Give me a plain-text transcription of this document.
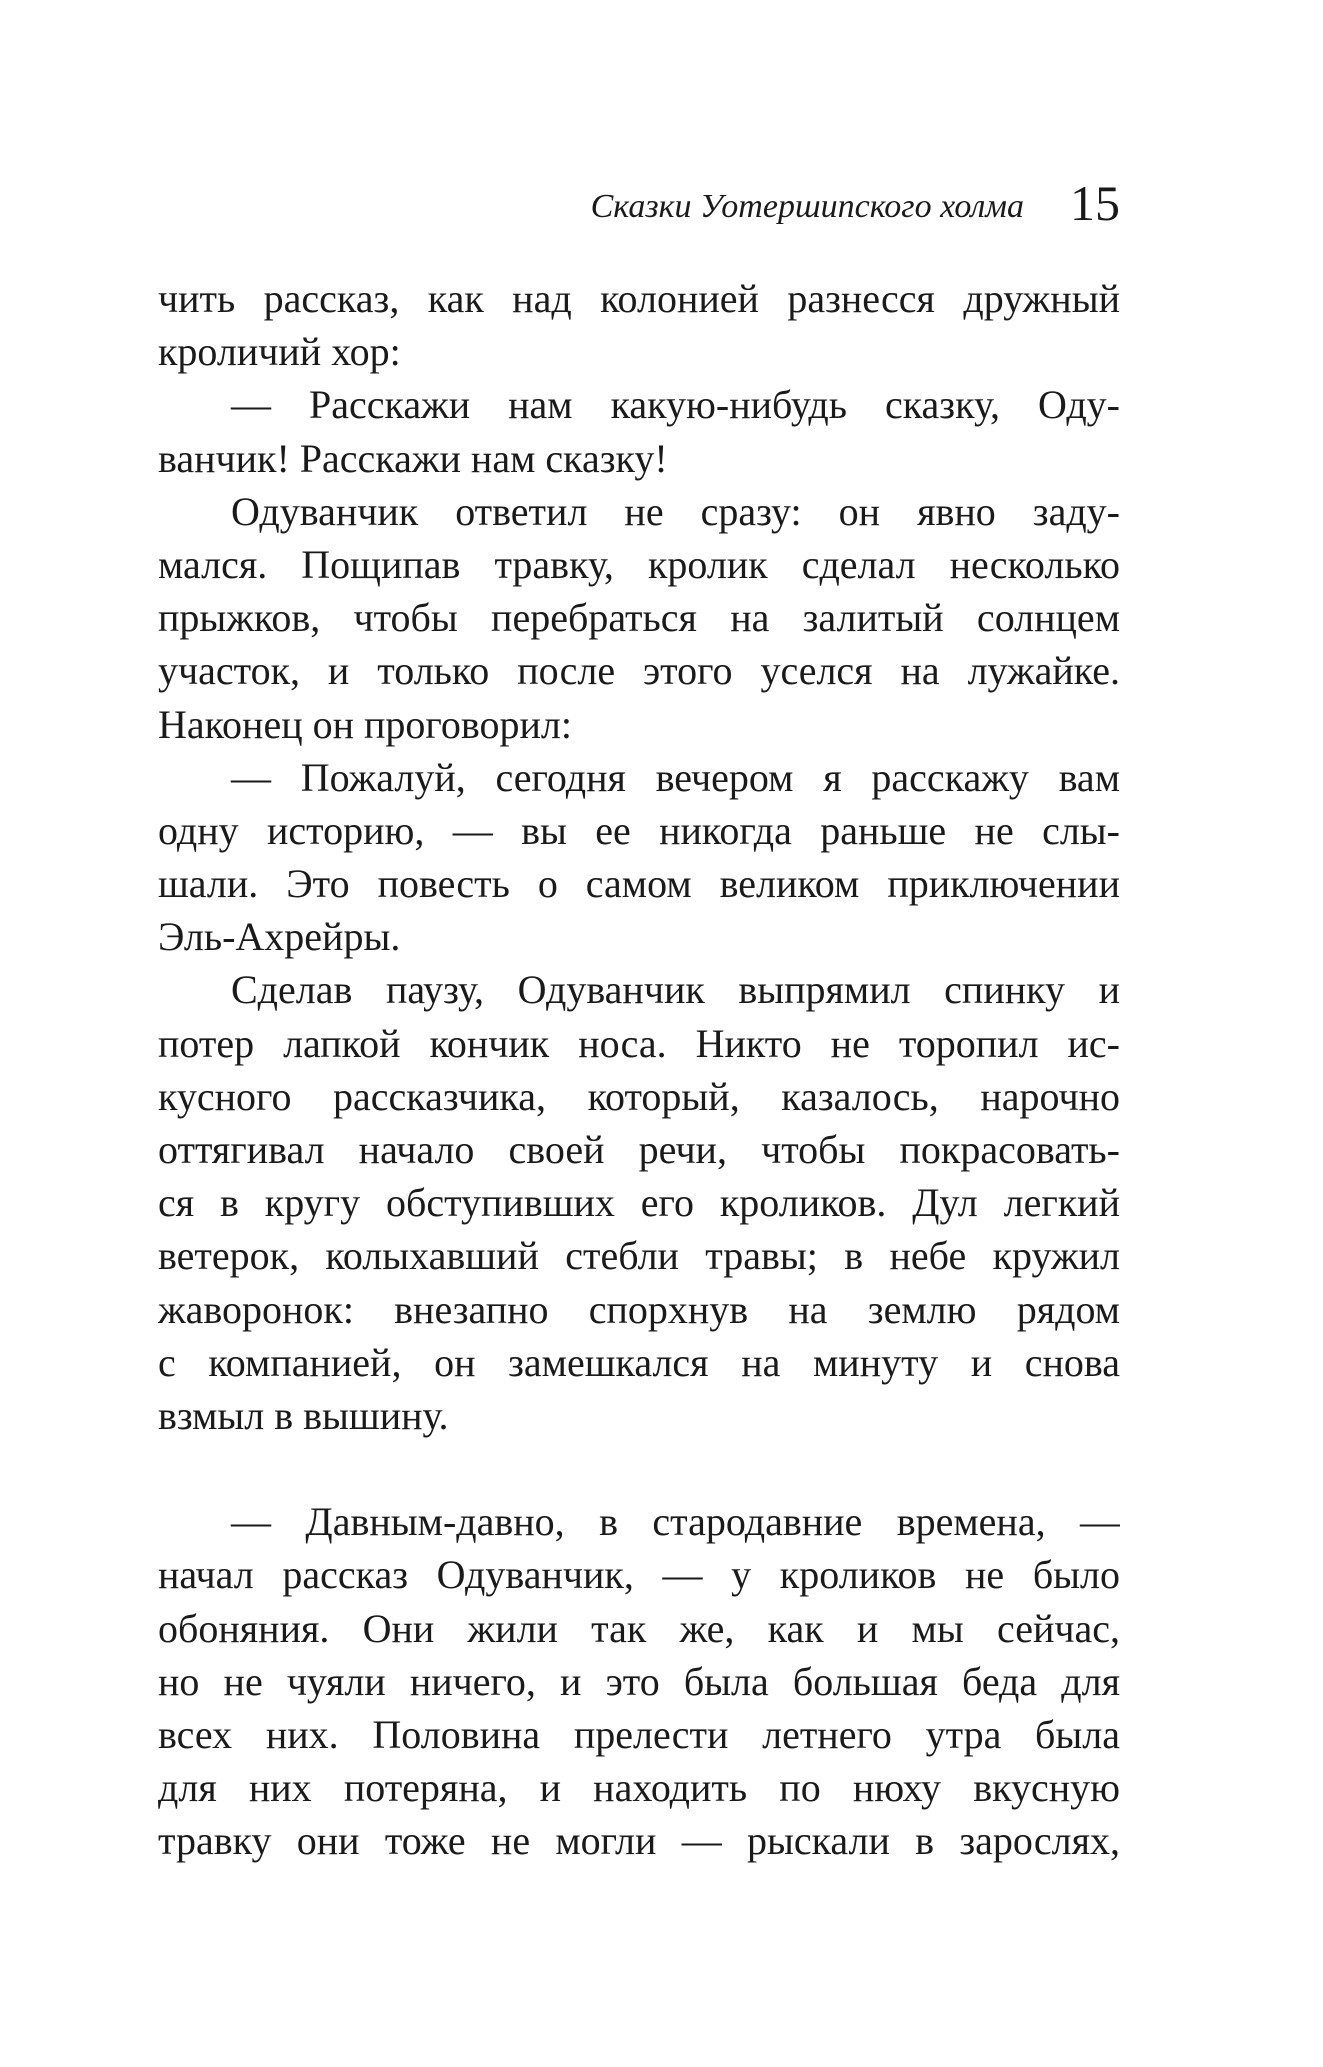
Сказки Уотершипского холма 15
чить рассказ, как над колонией разнесся дружный
кроличий хор:
— Расскажи нам какую-нибудь сказку, Оду-
ванчик! Расскажи нам сказку!
Одуванчик ответил не сразу: он явно заду-
мался. Пощипав травку, кролик сделал несколько
прыжков, чтобы перебраться на залитый солнцем
участок, и только после этого уселся на лужайке.
Наконец он проговорил:
— Пожалуй, сегодня вечером я расскажу вам
одну историю, — вы ее никогда раньше не слы-
шали. Это повесть о самом великом приключении
Эль-Ахрейры.
Сделав паузу, Одуванчик выпрямил спинку и
потер лапкой кончик носа. Никто не торопил ис-
кусного рассказчика, который, казалось, нарочно
оттягивал начало своей речи, чтобы покрасовать-
ся в кругу обступивших его кроликов. Дул легкий
ветерок, колыхавший стебли травы; в небе кружил
жаворонок: внезапно спорхнув на землю рядом
с компанией, он замешкался на минуту и снова
взмыл в вышину.
— Давным-давно, в стародавние времена, —
начал рассказ Одуванчик, — у кроликов не было
обоняния. Они жили так же, как и мы сейчас,
но не чуяли ничего, и это была большая беда для
всех них. Половина прелести летнего утра была
для них потеряна, и находить по нюху вкусную
травку они тоже не могли — рыскали в зарослях,
